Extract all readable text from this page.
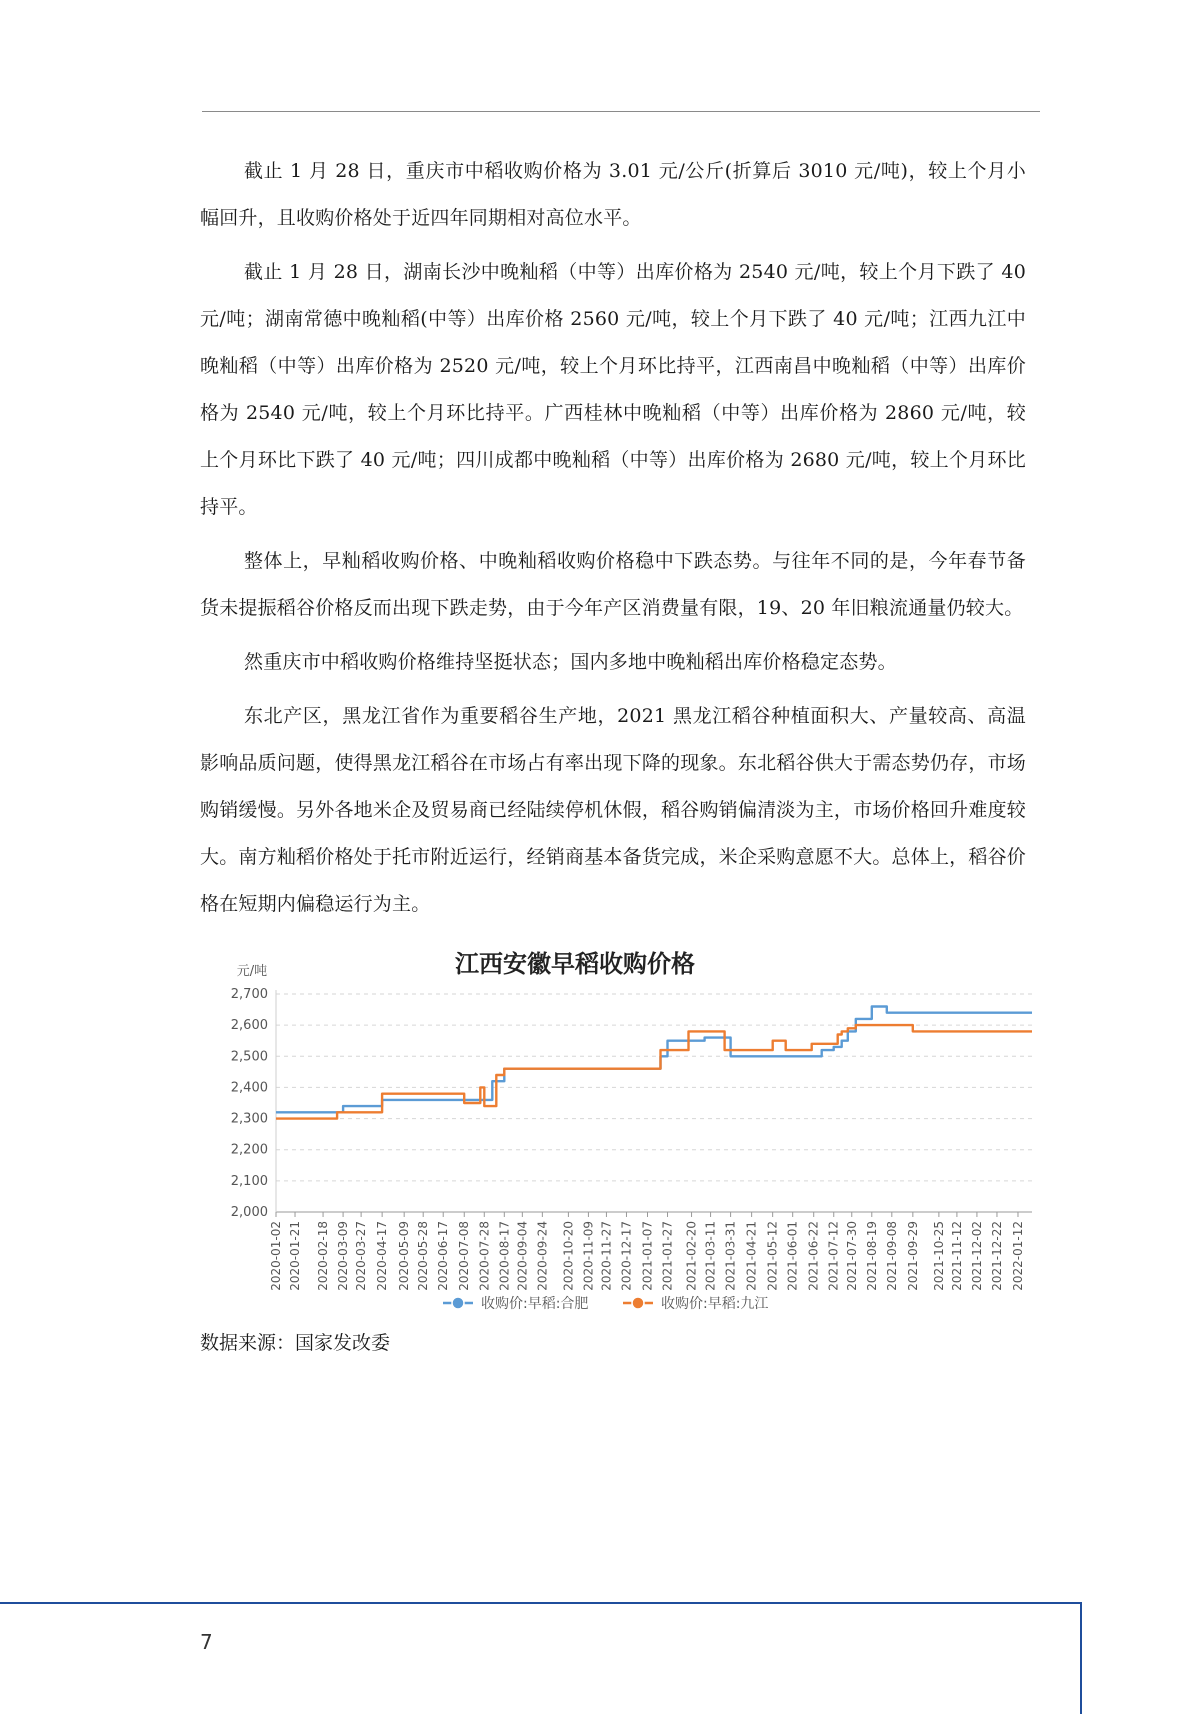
截止 1 月 28 日，重庆市中稻收购价格为 3.01 元/公斤(折算后 3010 元/吨)，较上个月小幅回升，且收购价格处于近四年同期相对高位水平。

截止 1 月 28 日，湖南长沙中晚籼稻（中等）出库价格为 2540 元/吨，较上个月下跌了 40 元/吨；湖南常德中晚籼稻(中等）出库价格 2560 元/吨，较上个月下跌了 40 元/吨；江西九江中晚籼稻（中等）出库价格为 2520 元/吨，较上个月环比持平，江西南昌中晚籼稻（中等）出库价格为 2540 元/吨，较上个月环比持平。广西桂林中晚籼稻（中等）出库价格为 2860 元/吨，较上个月环比下跌了 40 元/吨；四川成都中晚籼稻（中等）出库价格为 2680 元/吨，较上个月环比持平。

整体上，早籼稻收购价格、中晚籼稻收购价格稳中下跌态势。与往年不同的是，今年春节备货未提振稻谷价格反而出现下跌走势，由于今年产区消费量有限，19、20 年旧粮流通量仍较大。

然重庆市中稻收购价格维持坚挺状态；国内多地中晚籼稻出库价格稳定态势。

东北产区，黑龙江省作为重要稻谷生产地，2021 黑龙江稻谷种植面积大、产量较高、高温影响品质问题，使得黑龙江稻谷在市场占有率出现下降的现象。东北稻谷供大于需态势仍存，市场购销缓慢。另外各地米企及贸易商已经陆续停机休假，稻谷购销偏清淡为主，市场价格回升难度较大。南方籼稻价格处于托市附近运行，经销商基本备货完成，米企采购意愿不大。总体上，稻谷价格在短期内偏稳运行为主。

江西安徽早稻收购价格
元/吨
2,000
2,100
2,200
2,300
2,400
2,500
2,600
2,700
2020-01-02 2020-01-21 2020-02-18 2020-03-09 2020-03-27 2020-04-17 2020-05-09 2020-05-28 2020-06-17 2020-07-08 2020-07-28 2020-08-17 2020-09-04 2020-09-24 2020-10-20 2020-11-09 2020-11-27 2020-12-17 2021-01-07 2021-01-27 2021-02-20 2021-03-11 2021-03-31 2021-04-21 2021-05-12 2021-06-01 2021-06-22 2021-07-12 2021-07-30 2021-08-19 2021-09-08 2021-09-29 2021-10-25 2021-11-12 2021-12-02 2021-12-22 2022-01-12
收购价:早稻:合肥	收购价:早稻:九江
数据来源：国家发改委
7
